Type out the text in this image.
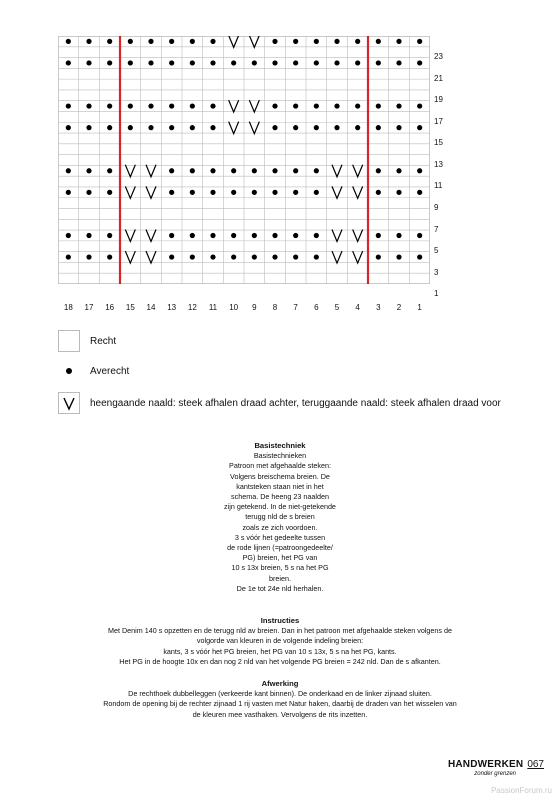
23
21
19
17
15
13
11
9
7
5
3
1
18	17	16	15	14	13	12	11	10	9	8	7	6	5	4	3	2	1
Recht
Averecht
heengaande naald: steek afhalen draad achter, teruggaande naald: steek afhalen draad voor
Basistechniek

Basistechnieken

Patroon met afgehaalde steken:

Volgens breischema breien. De

kantsteken staan niet in het

schema. De heeng 23 naalden

zijn getekend. In de niet-getekende

terugg nld de s breien

zoals ze zich voordoen.

3 s vóór het gedeelte tussen

de rode lijnen (=patroongedeelte/

PG) breien, het PG van

10 s 13x breien, 5 s na het PG

breien.

De 1e tot 24e nld herhalen.

Instructies

Met Denim 140 s opzetten en de terugg nld av breien. Dan in het patroon met afgehaalde steken volgens de

volgorde van kleuren in de volgende indeling breien:

kants, 3 s vóór het PG breien, het PG van 10 s 13x, 5 s na het PG, kants.

Het PG in de hoogte 10x en dan nog 2 nld van het volgende PG breien = 242 nld. Dan de s afkanten.

Afwerking

De rechthoek dubbelleggen (verkeerde kant binnen). De onderkaad en de linker zijnaad sluiten.

Rondom de opening bij de rechter zijnaad 1 rij vasten met Natur haken, daarbij de draden van het wisselen van

de kleuren mee vasthaken. Vervolgens de rits inzetten.

HANDWERKEN 067
zonder grenzen
PassionForum.ru
